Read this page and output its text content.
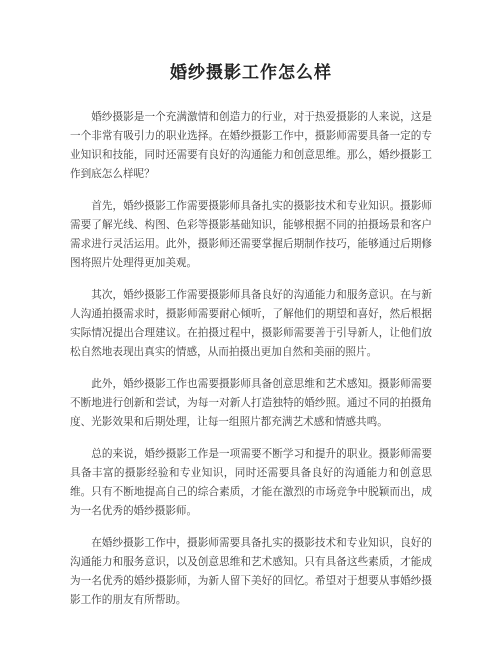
婚纱摄影工作怎么样

婚纱摄影是一个充满激情和创造力的行业，对于热爱摄影的人来说，这是一个非常有吸引力的职业选择。在婚纱摄影工作中，摄影师需要具备一定的专业知识和技能，同时还需要有良好的沟通能力和创意思维。那么，婚纱摄影工作到底怎么样呢？

首先，婚纱摄影工作需要摄影师具备扎实的摄影技术和专业知识。摄影师需要了解光线、构图、色彩等摄影基础知识，能够根据不同的拍摄场景和客户需求进行灵活运用。此外，摄影师还需要掌握后期制作技巧，能够通过后期修图将照片处理得更加美观。

其次，婚纱摄影工作需要摄影师具备良好的沟通能力和服务意识。在与新人沟通拍摄需求时，摄影师需要耐心倾听，了解他们的期望和喜好，然后根据实际情况提出合理建议。在拍摄过程中，摄影师需要善于引导新人，让他们放松自然地表现出真实的情感，从而拍摄出更加自然和美丽的照片。

此外，婚纱摄影工作也需要摄影师具备创意思维和艺术感知。摄影师需要不断地进行创新和尝试，为每一对新人打造独特的婚纱照。通过不同的拍摄角度、光影效果和后期处理，让每一组照片都充满艺术感和情感共鸣。

总的来说，婚纱摄影工作是一项需要不断学习和提升的职业。摄影师需要具备丰富的摄影经验和专业知识，同时还需要具备良好的沟通能力和创意思维。只有不断地提高自己的综合素质，才能在激烈的市场竞争中脱颖而出，成为一名优秀的婚纱摄影师。

在婚纱摄影工作中，摄影师需要具备扎实的摄影技术和专业知识，良好的沟通能力和服务意识，以及创意思维和艺术感知。只有具备这些素质，才能成为一名优秀的婚纱摄影师，为新人留下美好的回忆。希望对于想要从事婚纱摄影工作的朋友有所帮助。
